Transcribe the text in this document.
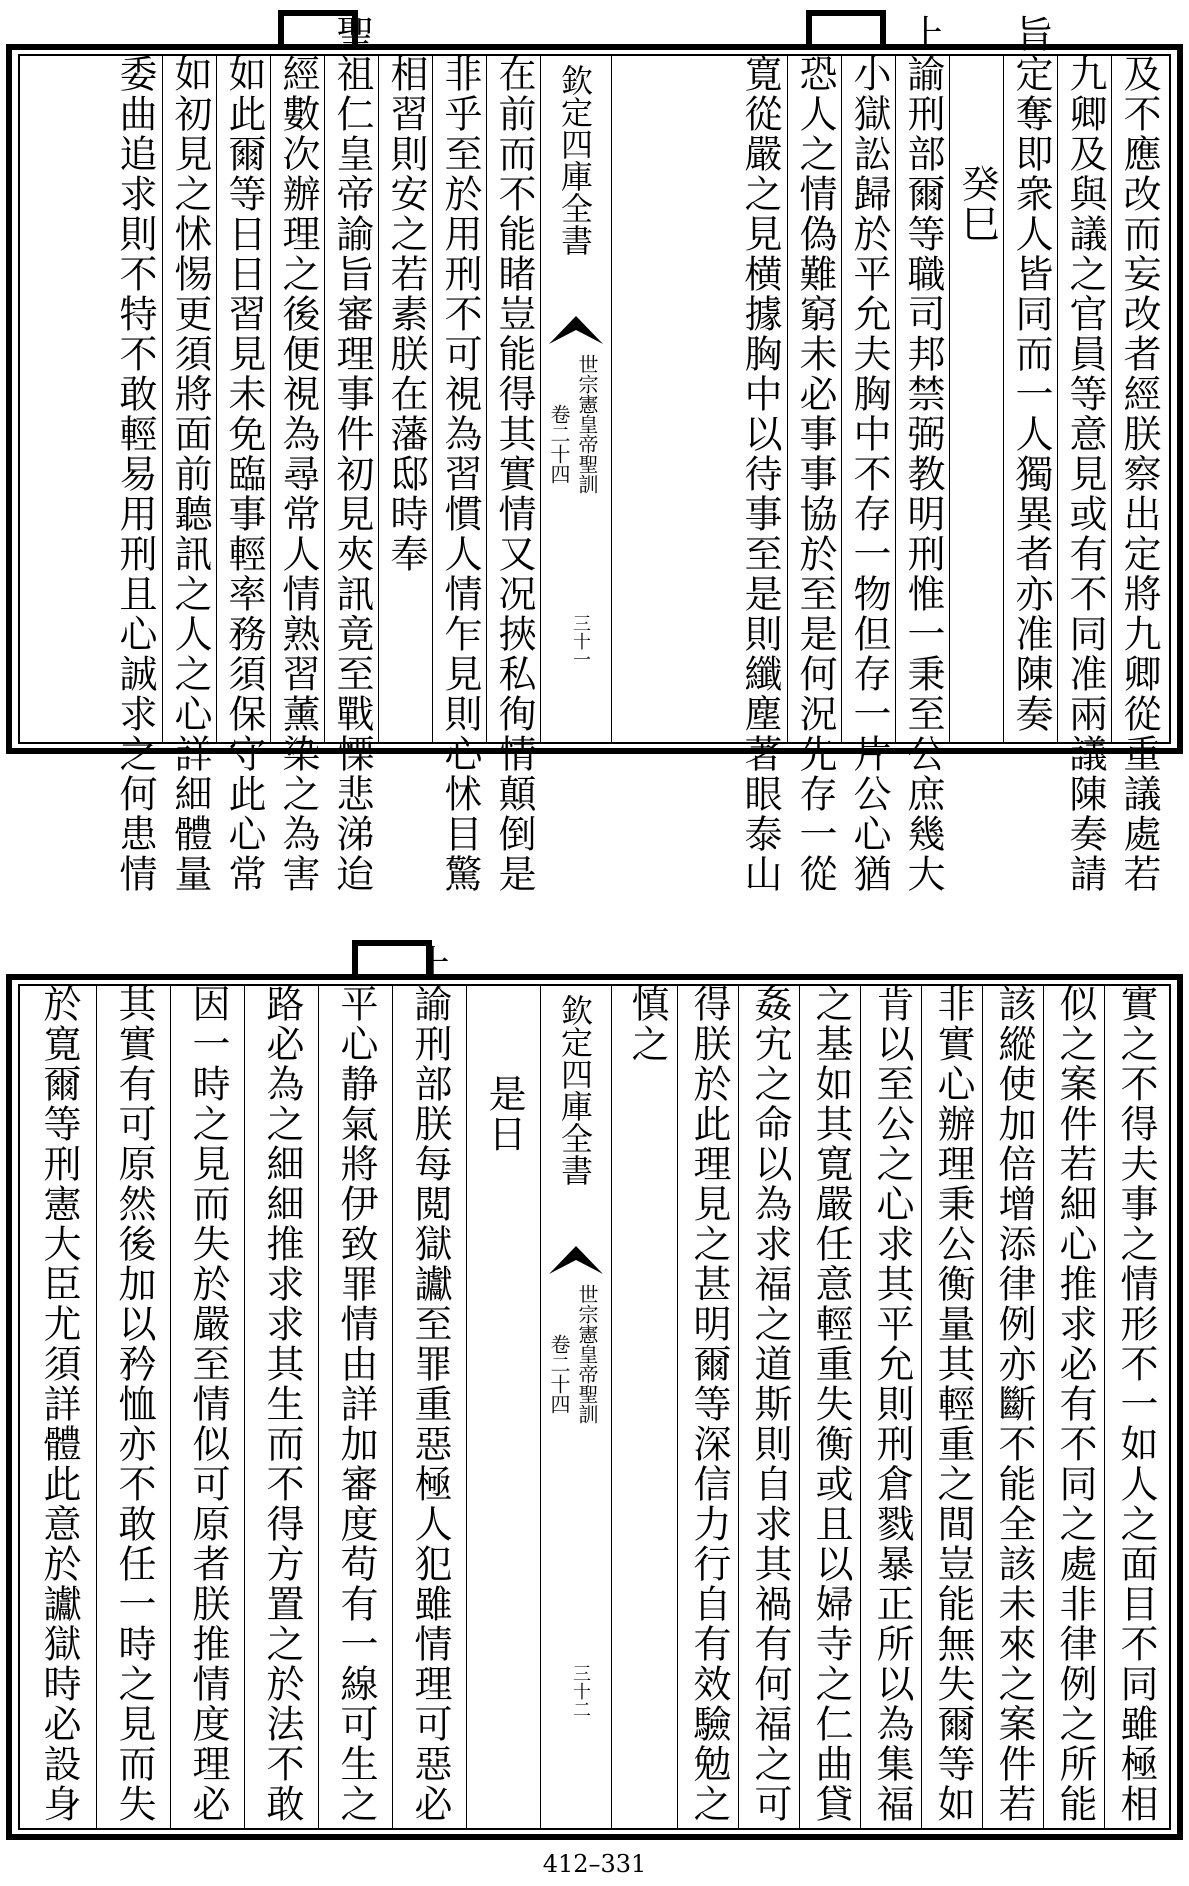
及不應改而妄改者經朕察出定將九卿從重議處若
九卿及與議之官員等意見或有不同准兩議陳奏請
旨定奪即衆人皆同而一人獨異者亦准陳奏
癸巳
上諭刑部爾等職司邦禁弼教明刑惟一秉至公庶幾大
小獄訟歸於平允夫胸中不存一物但存一片公心猶
恐人之情偽難窮未必事事協於至是何況先存一從
寛從嚴之見横據胸中以待事至是則纖塵著眼泰山
欽定四庫全書
世宗憲皇帝聖訓
卷二十四
三十一
在前而不能睹豈能得其實情又况挾私徇情顛倒是
非乎至於用刑不可視為習慣人情乍見則心怵目驚
相習則安之若素朕在藩邸時奉
聖祖仁皇帝諭旨審理事件初見夾訊竟至戰慄悲涕迨
經數次辦理之後便視為尋常人情熟習薰染之為害
如此爾等日日習見未免臨事輕率務須保守此心常
如初見之怵惕更須將面前聽訊之人之心詳細體量
委曲追求則不特不敢輕易用刑且心誠求之何患情
實之不得夫事之情形不一如人之面目不同雖極相
似之案件若細心推求必有不同之處非律例之所能
該縱使加倍增添律例亦斷不能全該未來之案件若
非實心辦理秉公衡量其輕重之間豈能無失爾等如
肯以至公之心求其平允則刑倉戮暴正所以為集福
之基如其寛嚴任意輕重失衡或且以婦寺之仁曲貸
姦宄之命以為求福之道斯則自求其禍有何福之可
得朕於此理見之甚明爾等深信力行自有效驗勉之
慎之
欽定四庫全書
世宗憲皇帝聖訓
卷二十四
三十二
是日
上諭刑部朕每閲獄讞至罪重惡極人犯雖情理可惡必
平心静氣將伊致罪情由詳加審度苟有一線可生之
路必為之細細推求求其生而不得方置之於法不敢
因一時之見而失於嚴至情似可原者朕推情度理必
其實有可原然後加以矜恤亦不敢任一時之見而失
於寛爾等刑憲大臣尤須詳體此意於讞獄時必設身
412–331
